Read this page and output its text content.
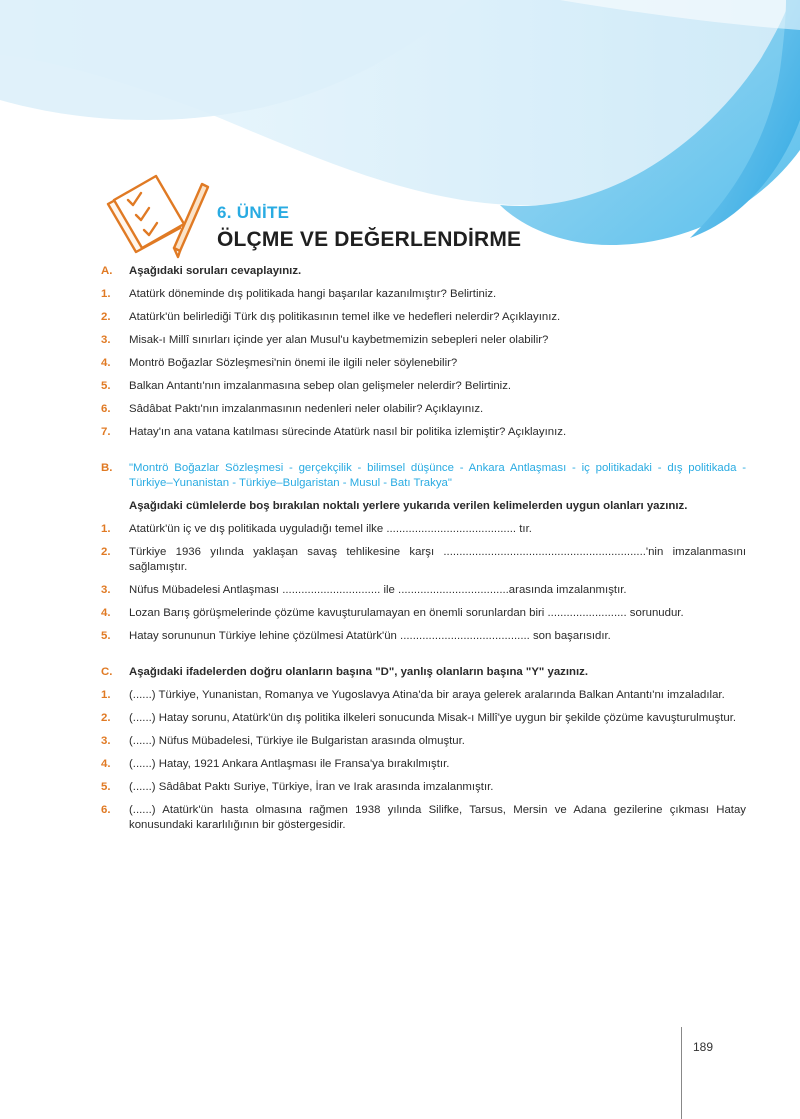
6. ÜNİTE
ÖLÇME VE DEĞERLENDİRME
A.	Aşağıdaki soruları cevaplayınız.
1.	Atatürk döneminde dış politikada hangi başarılar kazanılmıştır? Belirtiniz.
2.	Atatürk'ün belirlediği Türk dış politikasının temel ilke ve hedefleri nelerdir? Açıklayınız.
3.	Misak-ı Millî sınırları içinde yer alan Musul'u kaybetmemizin sebepleri neler olabilir?
4.	Montrö Boğazlar Sözleşmesi'nin önemi ile ilgili neler söylenebilir?
5.	Balkan Antantı'nın imzalanmasına sebep olan gelişmeler nelerdir? Belirtiniz.
6.	Sâdâbat Paktı'nın imzalanmasının nedenleri neler olabilir? Açıklayınız.
7.	Hatay'ın ana vatana katılması sürecinde Atatürk nasıl bir politika izlemiştir? Açıklayınız.
B.	"Montrö Boğazlar Sözleşmesi - gerçekçilik - bilimsel düşünce - Ankara Antlaşması - iç politikadaki - dış politikada - Türkiye–Yunanistan - Türkiye–Bulgaristan - Musul - Batı Trakya"
Aşağıdaki cümlelerde boş bırakılan noktalı yerlere yukarıda verilen kelimelerden uygun olanları yazınız.
1.	Atatürk'ün iç ve dış politikada uyguladığı temel ilke ......................................... tır.
2.	Türkiye 1936 yılında yaklaşan savaş tehlikesine karşı ................................................................'nin imzalanmasını sağlamıştır.
3.	Nüfus Mübadelesi Antlaşması ............................... ile ...................................arasında imzalanmıştır.
4.	Lozan Barış görüşmelerinde çözüme kavuşturulamayan en önemli sorunlardan biri ......................... sorunudur.
5.	Hatay sorununun Türkiye lehine çözülmesi Atatürk'ün ......................................... son başarısıdır.
C.	Aşağıdaki ifadelerden doğru olanların başına "D", yanlış olanların başına "Y" yazınız.
1.	(......) Türkiye, Yunanistan, Romanya ve Yugoslavya Atina'da bir araya gelerek aralarında Balkan Antantı'nı imzaladılar.
2.	(......) Hatay sorunu, Atatürk'ün dış politika ilkeleri sonucunda Misak-ı Millî'ye uygun bir şekilde çözüme kavuşturulmuştur.
3.	(......) Nüfus Mübadelesi, Türkiye ile Bulgaristan arasında olmuştur.
4.	(......) Hatay, 1921 Ankara Antlaşması ile Fransa'ya bırakılmıştır.
5.	(......) Sâdâbat Paktı Suriye, Türkiye, İran ve Irak arasında imzalanmıştır.
6.	(......) Atatürk'ün hasta olmasına rağmen 1938 yılında Silifke, Tarsus, Mersin ve Adana gezilerine çıkması Hatay konusundaki kararlılığının bir göstergesidir.
189
